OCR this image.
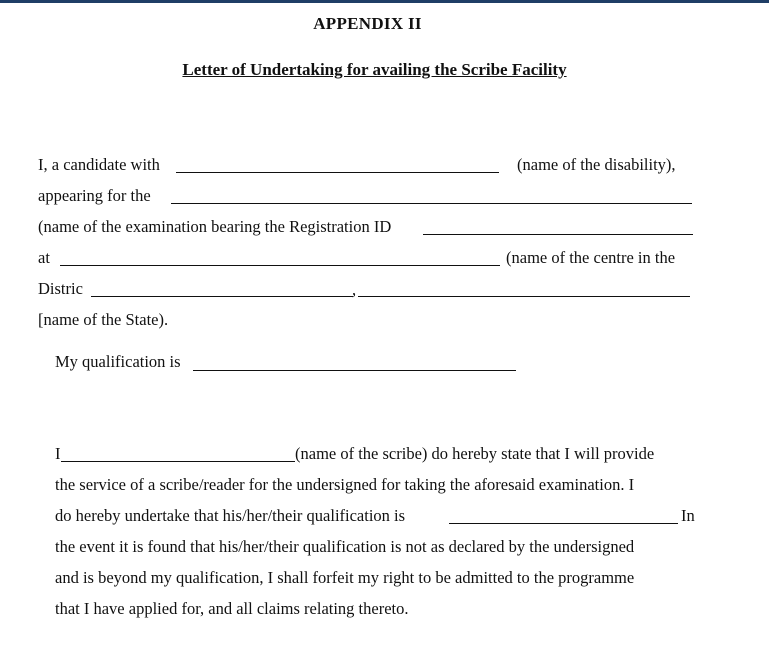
APPENDIX II
Letter of Undertaking for availing the Scribe Facility
I, a candidate with	(name of the disability),
appearing for the
(name of the examination bearing the Registration ID
at	(name of the centre in the
Distric	,
[name of the State).
My qualification is
I	(name of the scribe) do hereby state that I will provide
the service of a scribe/reader for the undersigned for taking the aforesaid examination. I
do hereby undertake that his/her/their qualification is	In
the event it is found that his/her/their qualification is not as declared by the undersigned
and is beyond my qualification, I shall forfeit my right to be admitted to the programme
that I have applied for, and all claims relating thereto.
